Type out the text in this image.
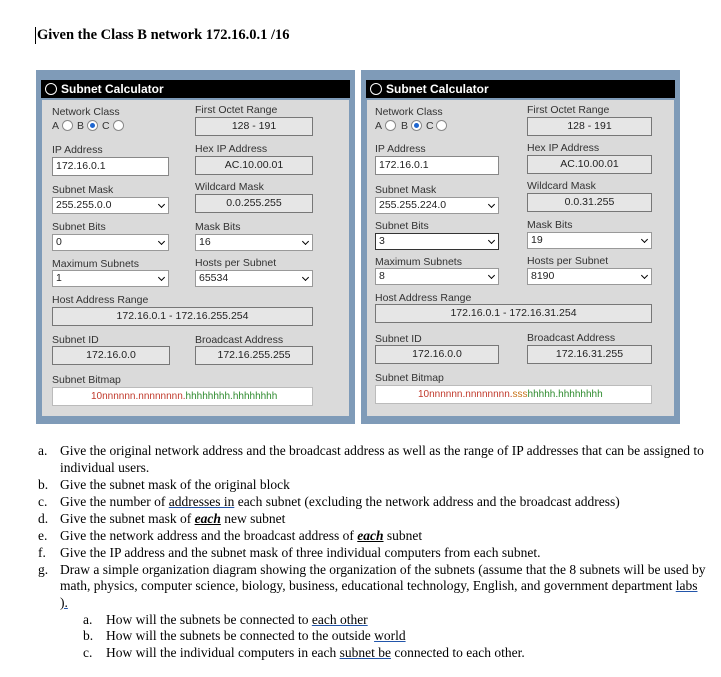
Given the Class B network 172.16.0.1 /16
Subnet Calculator
Network Class
A B C
First Octet Range
128 - 191
IP Address
172.16.0.1
Hex IP Address
AC.10.00.01
Subnet Mask
255.255.0.0
Wildcard Mask
0.0.255.255
Subnet Bits
0
Mask Bits
16
Maximum Subnets
1
Hosts per Subnet
65534
Host Address Range
172.16.0.1 - 172.16.255.254
Subnet ID
172.16.0.0
Broadcast Address
172.16.255.255
Subnet Bitmap
10nnnnnn.nnnnnnnn.hhhhhhhh.hhhhhhhh
Subnet Calculator
Network Class
A B C
First Octet Range
128 - 191
IP Address
172.16.0.1
Hex IP Address
AC.10.00.01
Subnet Mask
255.255.224.0
Wildcard Mask
0.0.31.255
Subnet Bits
3
Mask Bits
19
Maximum Subnets
8
Hosts per Subnet
8190
Host Address Range
172.16.0.1 - 172.16.31.254
Subnet ID
172.16.0.0
Broadcast Address
172.16.31.255
Subnet Bitmap
10nnnnnn.nnnnnnnn.ssshhhhh.hhhhhhhh
a. Give the original network address and the broadcast address as well as the range of IP addresses that can be assigned to individual users.
b. Give the subnet mask of the original block
c. Give the number of addresses in each subnet (excluding the network address and the broadcast address)
d. Give the subnet mask of each new subnet
e. Give the network address and the broadcast address of each subnet
f. Give the IP address and the subnet mask of three individual computers from each subnet.
g. Draw a simple organization diagram showing the organization of the subnets (assume that the 8 subnets will be used by math, physics, computer science, biology, business, educational technology, English, and government department labs ).
a. How will the subnets be connected to each other
b. How will the subnets be connected to the outside world
c. How will the individual computers in each subnet be connected to each other.
